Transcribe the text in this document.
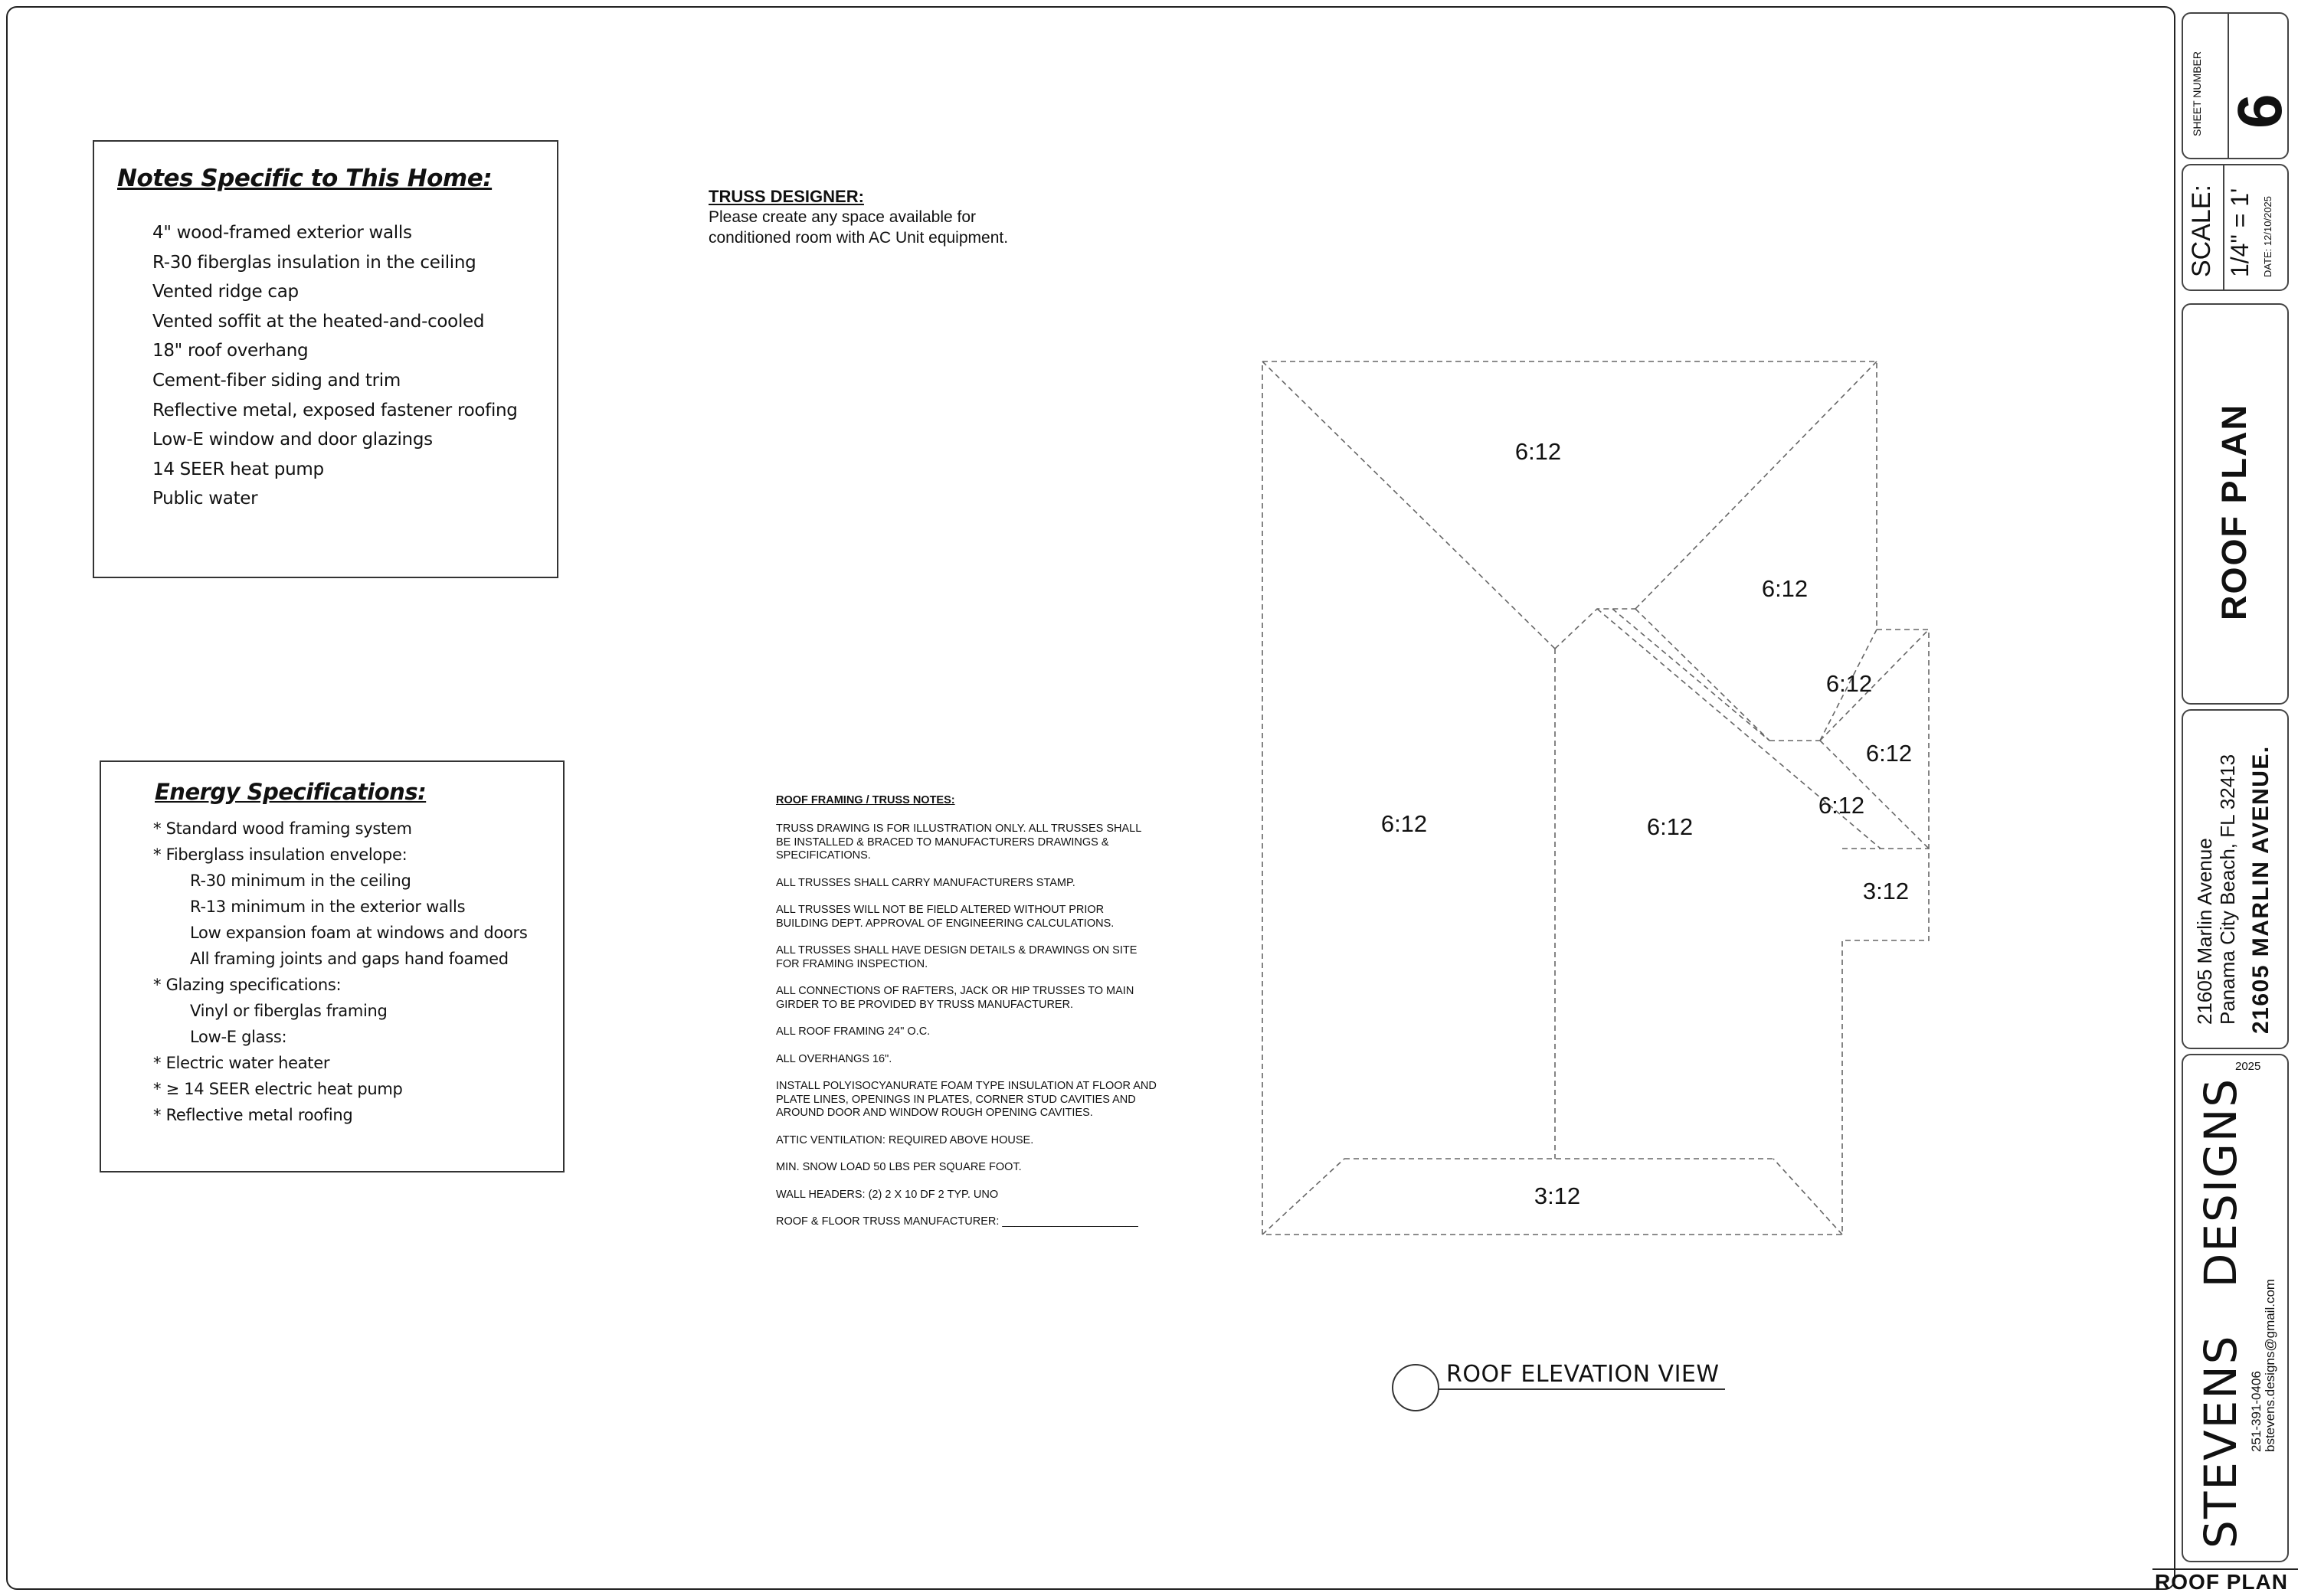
Notes Specific to This Home:
4" wood-framed exterior walls
R-30 fiberglas insulation in the ceiling
Vented ridge cap
Vented soffit at the heated-and-cooled
18" roof overhang
Cement-fiber siding and trim
Reflective metal, exposed fastener roofing
Low-E window and door glazings
14 SEER heat pump
Public water
Energy Specifications:
* Standard wood framing system
* Fiberglass insulation envelope:
R-30 minimum in the ceiling
R-13 minimum in the exterior walls
Low expansion foam at windows and doors
All framing joints and gaps hand foamed
* Glazing specifications:
Vinyl or fiberglas framing
Low-E glass:
* Electric water heater
* ≥ 14 SEER electric heat pump
* Reflective metal roofing
TRUSS DESIGNER:
Please create any space available for
conditioned room with AC Unit equipment.
ROOF FRAMING / TRUSS NOTES:
TRUSS DRAWING IS FOR ILLUSTRATION ONLY. ALL TRUSSES SHALL
BE INSTALLED & BRACED TO MANUFACTURERS DRAWINGS &
SPECIFICATIONS.
ALL TRUSSES SHALL CARRY MANUFACTURERS STAMP.
ALL TRUSSES WILL NOT BE FIELD ALTERED WITHOUT PRIOR
BUILDING DEPT. APPROVAL OF ENGINEERING CALCULATIONS.
ALL TRUSSES SHALL HAVE DESIGN DETAILS & DRAWINGS ON SITE
FOR FRAMING INSPECTION.
ALL CONNECTIONS OF RAFTERS, JACK OR HIP TRUSSES TO MAIN
GIRDER TO BE PROVIDED BY TRUSS MANUFACTURER.
ALL ROOF FRAMING 24" O.C.
ALL OVERHANGS 16".
INSTALL POLYISOCYANURATE FOAM TYPE INSULATION AT FLOOR AND
PLATE LINES, OPENINGS IN PLATES, CORNER STUD CAVITIES AND
AROUND DOOR AND WINDOW ROUGH OPENING CAVITIES.
ATTIC VENTILATION: REQUIRED ABOVE HOUSE.
MIN. SNOW LOAD 50 LBS PER SQUARE FOOT.
WALL HEADERS: (2) 2 X 10 DF 2 TYP. UNO
ROOF & FLOOR TRUSS MANUFACTURER: ______________________
6:12
6:12
6:12
6:12
6:12
6:12	6:12
3:12
3:12
ROOF ELEVATION VIEW
SHEET NUMBER 6
SCALE: 1/4" = 1' DATE: 12/10/2025
ROOF PLAN
21605 Marlin Avenue Panama City Beach, FL 32413 21605 MARLIN AVENUE.
2025
STEVENS   DESIGNS 251-391-0406 bstevens.designs@gmail.com
ROOF PLAN
